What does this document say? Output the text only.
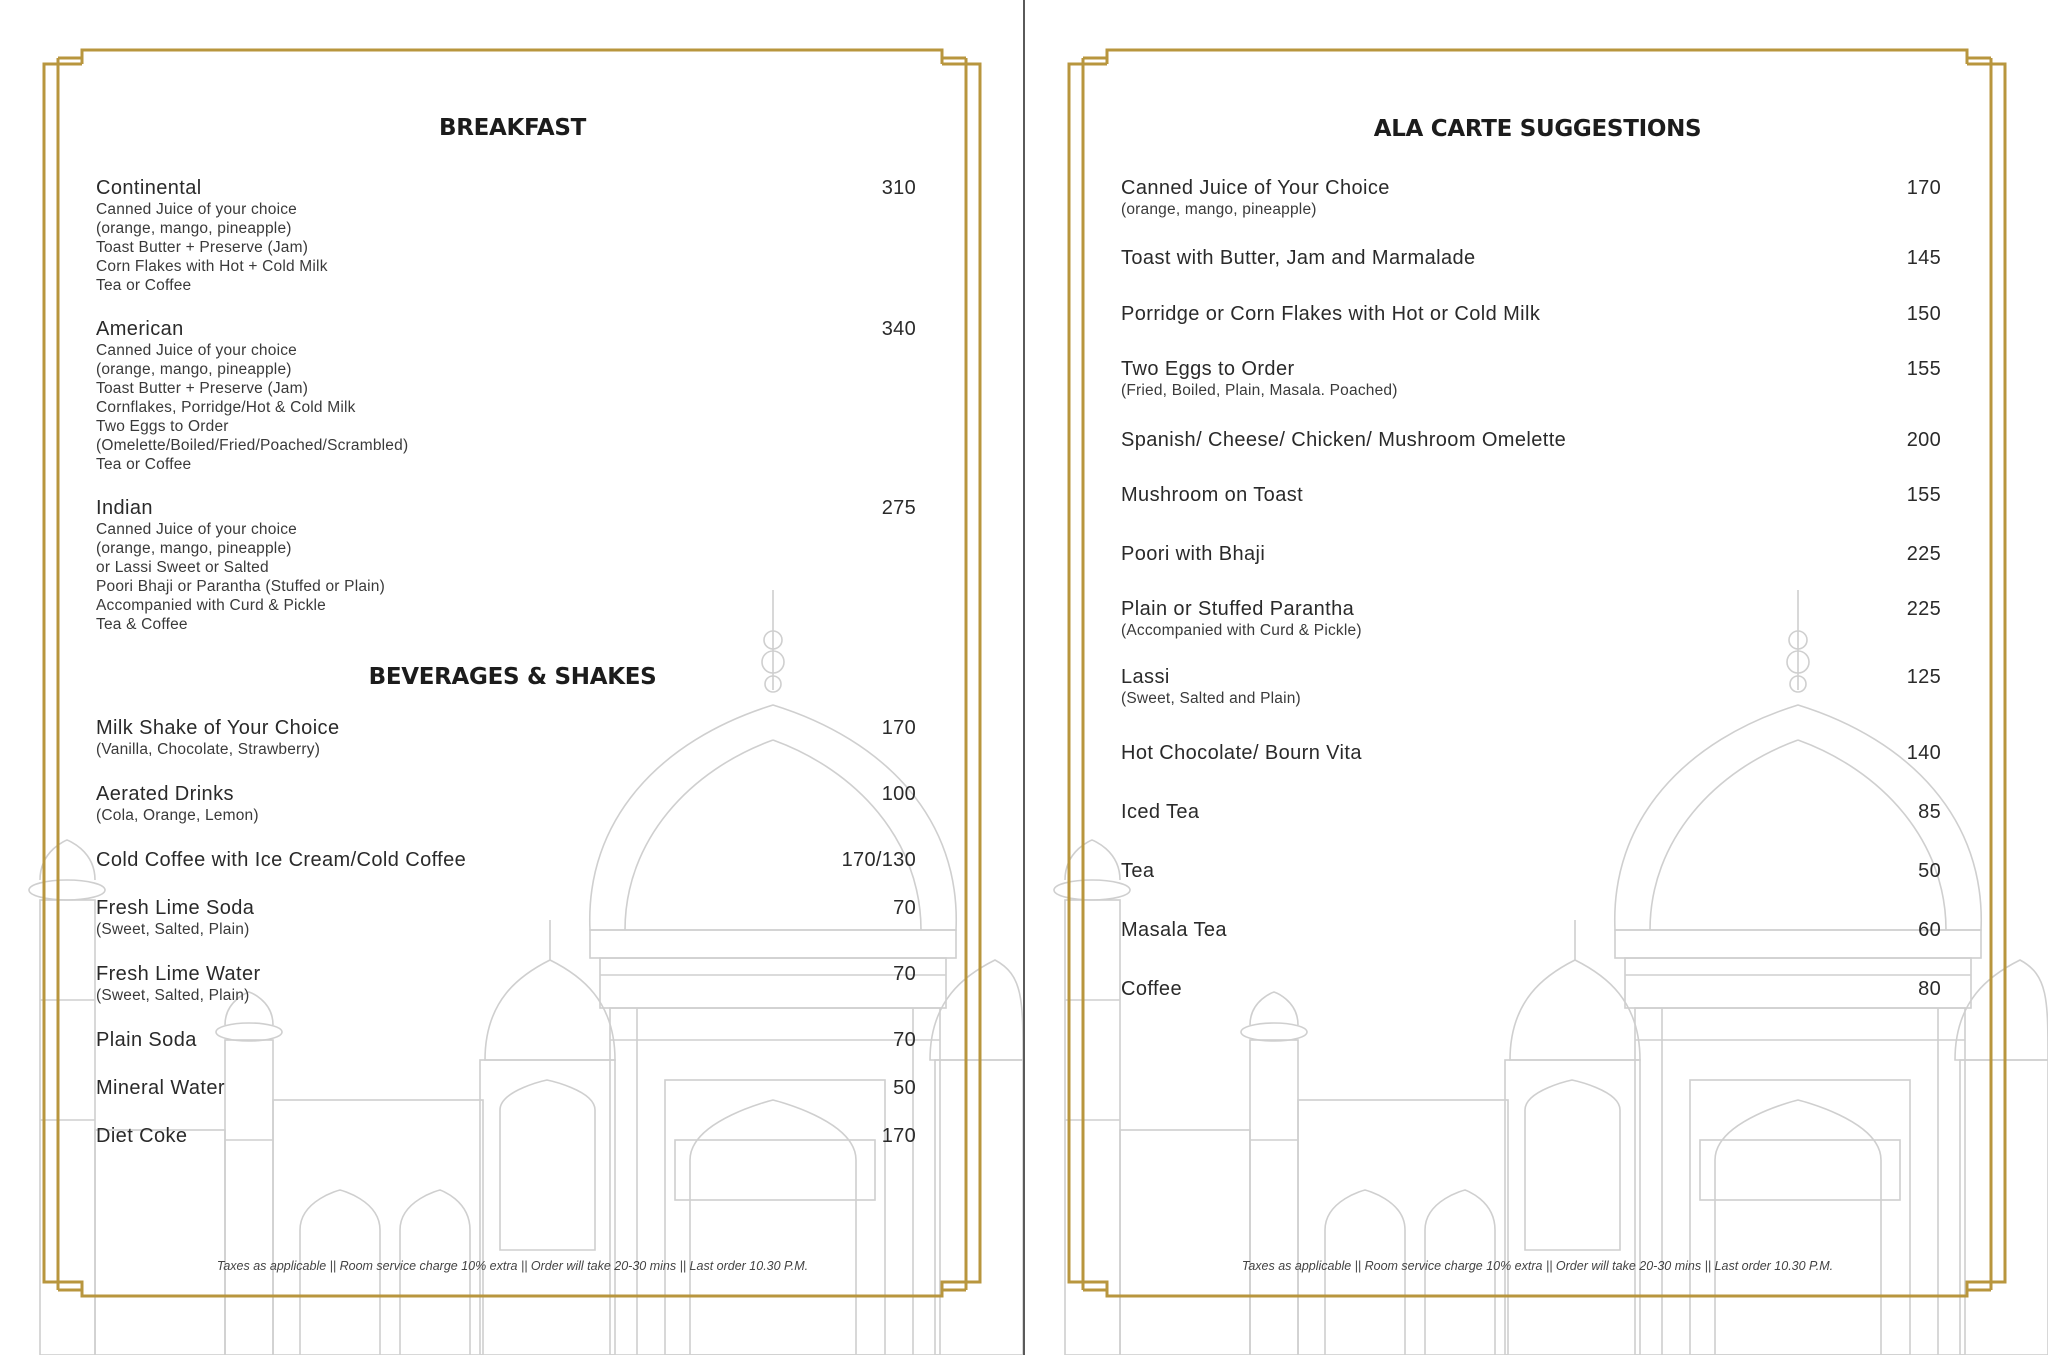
BREAKFAST
Continental	310
Canned Juice of your choice
(orange, mango, pineapple)
Toast Butter + Preserve (Jam)
Corn Flakes with Hot + Cold Milk
Tea or Coffee
American	340
Canned Juice of your choice
(orange, mango, pineapple)
Toast Butter + Preserve (Jam)
Cornflakes, Porridge/Hot & Cold Milk
Two Eggs to Order
(Omelette/Boiled/Fried/Poached/Scrambled)
Tea or Coffee
Indian	275
Canned Juice of your choice
(orange, mango, pineapple)
or Lassi Sweet or Salted
Poori Bhaji or Parantha (Stuffed or Plain)
Accompanied with Curd & Pickle
Tea & Coffee
BEVERAGES & SHAKES
Milk Shake of Your Choice	170
(Vanilla, Chocolate, Strawberry)
Aerated Drinks	100
(Cola, Orange, Lemon)
Cold Coffee with Ice Cream/Cold Coffee	170/130
Fresh Lime Soda	70
(Sweet, Salted, Plain)
Fresh Lime Water	70
(Sweet, Salted, Plain)
Plain Soda	70
Mineral Water	50
Diet Coke	170
Taxes as applicable || Room service charge 10% extra || Order will take 20-30 mins || Last order 10.30 P.M.
ALA CARTE SUGGESTIONS
Canned Juice of Your Choice	170
(orange, mango, pineapple)
Toast with Butter, Jam and Marmalade	145
Porridge or Corn Flakes with Hot or Cold Milk	150
Two Eggs to Order	155
(Fried, Boiled, Plain, Masala. Poached)
Spanish/ Cheese/ Chicken/ Mushroom Omelette	200
Mushroom on Toast	155
Poori with Bhaji	225
Plain or Stuffed Parantha	225
(Accompanied with Curd & Pickle)
Lassi	125
(Sweet, Salted and Plain)
Hot Chocolate/ Bourn Vita	140
Iced Tea	85
Tea	50
Masala Tea	60
Coffee	80
Taxes as applicable || Room service charge 10% extra || Order will take 20-30 mins || Last order 10.30 P.M.
